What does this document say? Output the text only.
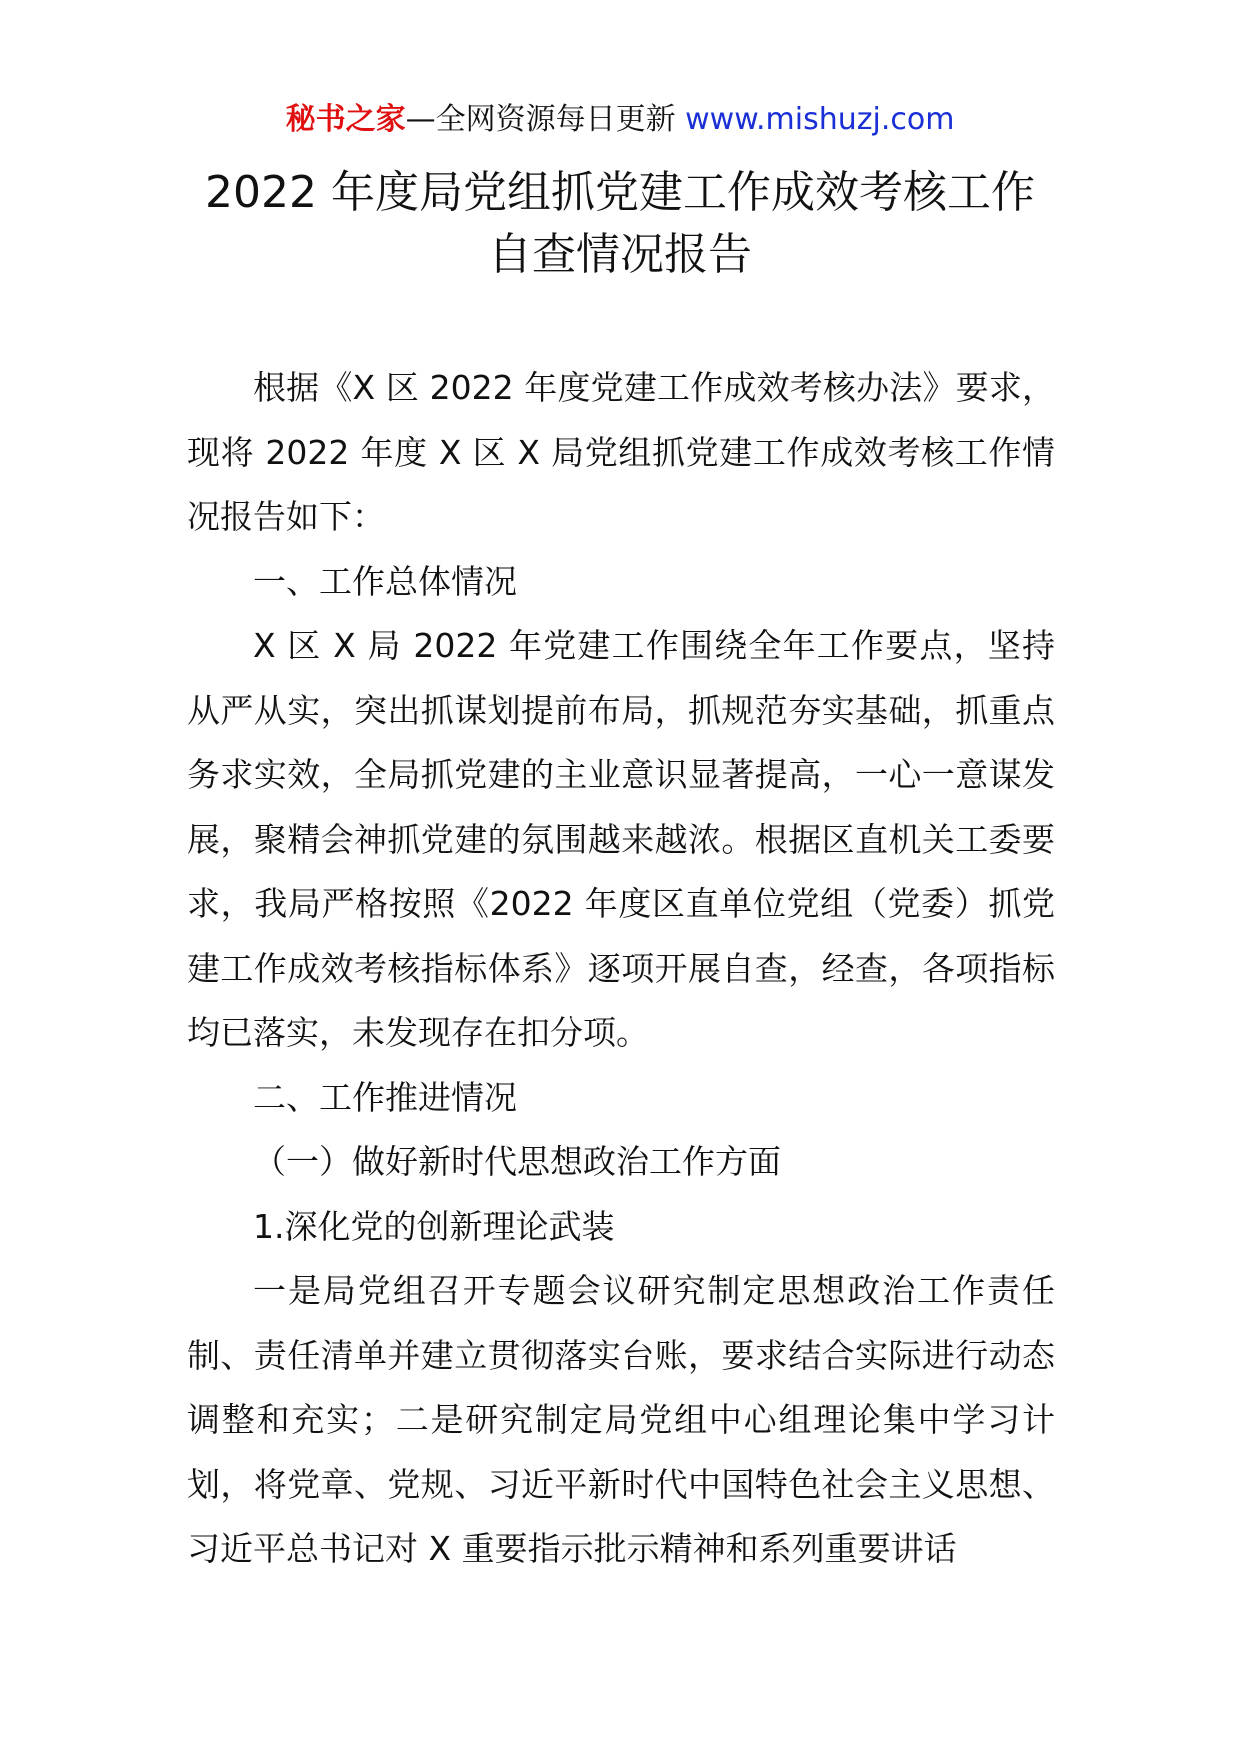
秘书之家—全网资源每日更新 www.mishuzj.com
2022 年度局党组抓党建工作成效考核工作
自查情况报告

根据《X 区 2022 年度党建工作成效考核办法》要求，现将 2022 年度 X 区 X 局党组抓党建工作成效考核工作情况报告如下：

一、工作总体情况

X 区 X 局 2022 年党建工作围绕全年工作要点，坚持从严从实，突出抓谋划提前布局，抓规范夯实基础，抓重点务求实效，全局抓党建的主业意识显著提高，一心一意谋发展，聚精会神抓党建的氛围越来越浓。根据区直机关工委要求，我局严格按照《2022 年度区直单位党组（党委）抓党建工作成效考核指标体系》逐项开展自查，经查，各项指标均已落实，未发现存在扣分项。

二、工作推进情况

（一）做好新时代思想政治工作方面

1.深化党的创新理论武装

一是局党组召开专题会议研究制定思想政治工作责任制、责任清单并建立贯彻落实台账，要求结合实际进行动态调整和充实；二是研究制定局党组中心组理论集中学习计划，将党章、党规、习近平新时代中国特色社会主义思想、习近平总书记对 X 重要指示批示精神和系列重要讲话
